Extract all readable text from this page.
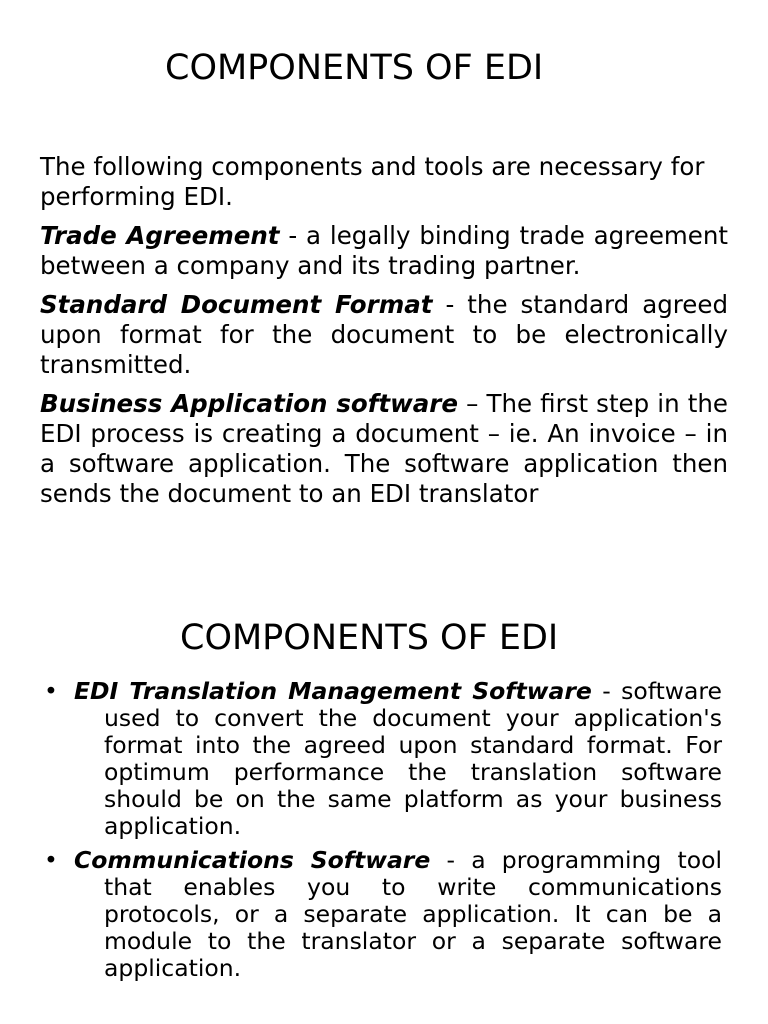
COMPONENTS OF EDI

The following components and tools are necessary for performing EDI.

Trade Agreement - a legally binding trade agreement between a company and its trading partner.

Standard Document Format - the standard agreed upon format for the document to be electronically transmitted.

Business Application software – The first step in the EDI process is creating a document – ie. An invoice – in a software application. The software application then sends the document to an EDI translator

COMPONENTS OF EDI
• EDI Translation Management Software - software used to convert the document your application's format into the agreed upon standard format. For optimum performance the translation software should be on the same platform as your business application.
• Communications Software - a programming tool that enables you to write communications protocols, or a separate application. It can be a module to the translator or a separate software application.
